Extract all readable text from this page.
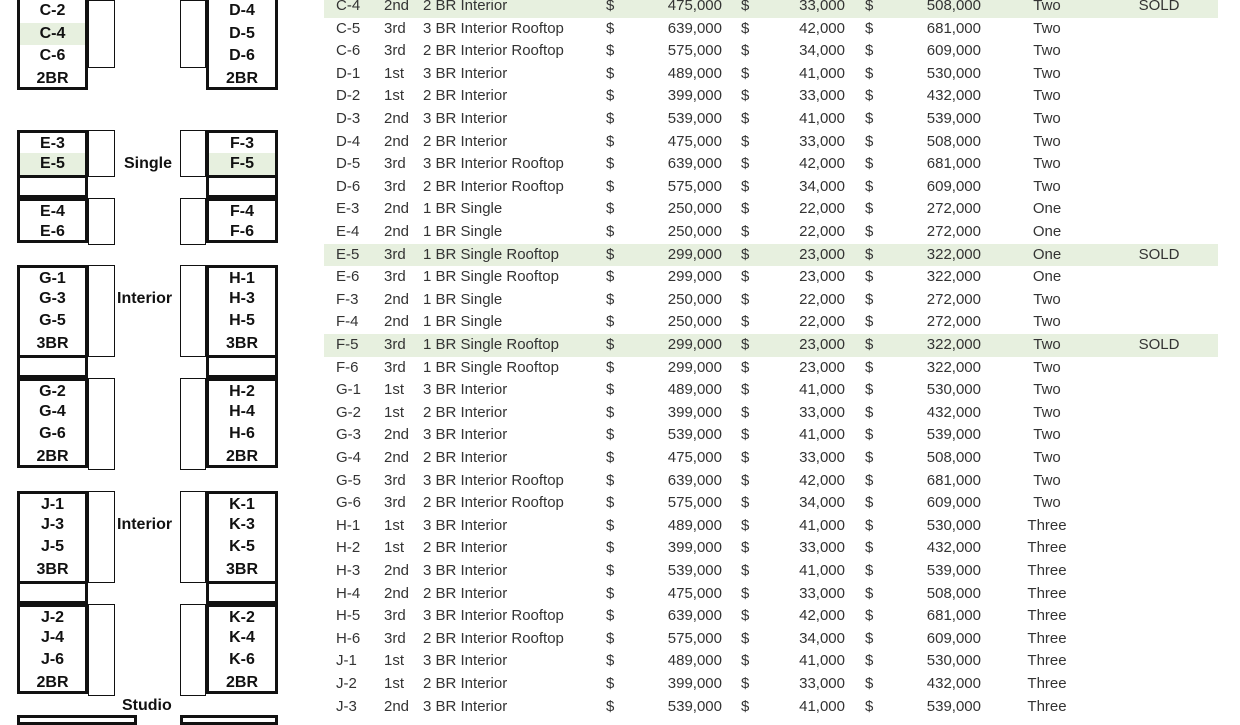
C-2
C-4
C-6
2BR
D-4
D-5
D-6
2BR
E-3
E-5
F-3
F-5
E-4
E-6
F-4
F-6
G-1
G-3
G-5
3BR
H-1
H-3
H-5
3BR
G-2
G-4
G-6
2BR
H-2
H-4
H-6
2BR
J-1
J-3
J-5
3BR
K-1
K-3
K-5
3BR
J-2
J-4
J-6
2BR
K-2
K-4
K-6
2BR
Single
Interior
Interior
Studio
C-4	2nd 2 BR Interior	$	475,000 $	33,000 $	508,000	Two	SOLD
C-5	3rd	3 BR Interior Rooftop	$	639,000 $	42,000 $	681,000	Two
C-6	3rd	2 BR Interior Rooftop	$	575,000 $	34,000 $	609,000	Two
D-1	1st	3 BR Interior	$	489,000 $	41,000 $	530,000	Two
D-2	1st	2 BR Interior	$	399,000 $	33,000 $	432,000	Two
D-3	2nd 3 BR Interior	$	539,000 $	41,000 $	539,000	Two
D-4	2nd 2 BR Interior	$	475,000 $	33,000 $	508,000	Two
D-5	3rd	3 BR Interior Rooftop	$	639,000 $	42,000 $	681,000	Two
D-6	3rd	2 BR Interior Rooftop	$	575,000 $	34,000 $	609,000	Two
E-3	2nd 1 BR Single	$	250,000 $	22,000 $	272,000	One
E-4	2nd 1 BR Single	$	250,000 $	22,000 $	272,000	One
E-5	3rd	1 BR Single Rooftop	$	299,000 $	23,000 $	322,000	One	SOLD
E-6	3rd	1 BR Single Rooftop	$	299,000 $	23,000 $	322,000	One
F-3	2nd 1 BR Single	$	250,000 $	22,000 $	272,000	Two
F-4	2nd 1 BR Single	$	250,000 $	22,000 $	272,000	Two
F-5	3rd	1 BR Single Rooftop	$	299,000 $	23,000 $	322,000	Two	SOLD
F-6	3rd	1 BR Single Rooftop	$	299,000 $	23,000 $	322,000	Two
G-1	1st	3 BR Interior	$	489,000 $	41,000 $	530,000	Two
G-2	1st	2 BR Interior	$	399,000 $	33,000 $	432,000	Two
G-3	2nd 3 BR Interior	$	539,000 $	41,000 $	539,000	Two
G-4	2nd 2 BR Interior	$	475,000 $	33,000 $	508,000	Two
G-5	3rd	3 BR Interior Rooftop	$	639,000 $	42,000 $	681,000	Two
G-6	3rd	2 BR Interior Rooftop	$	575,000 $	34,000 $	609,000	Two
H-1	1st	3 BR Interior	$	489,000 $	41,000 $	530,000	Three
H-2	1st	2 BR Interior	$	399,000 $	33,000 $	432,000	Three
H-3	2nd 3 BR Interior	$	539,000 $	41,000 $	539,000	Three
H-4	2nd 2 BR Interior	$	475,000 $	33,000 $	508,000	Three
H-5	3rd	3 BR Interior Rooftop	$	639,000 $	42,000 $	681,000	Three
H-6	3rd	2 BR Interior Rooftop	$	575,000 $	34,000 $	609,000	Three
J-1	1st	3 BR Interior	$	489,000 $	41,000 $	530,000	Three
J-2	1st	2 BR Interior	$	399,000 $	33,000 $	432,000	Three
J-3	2nd 3 BR Interior	$	539,000 $	41,000 $	539,000	Three
